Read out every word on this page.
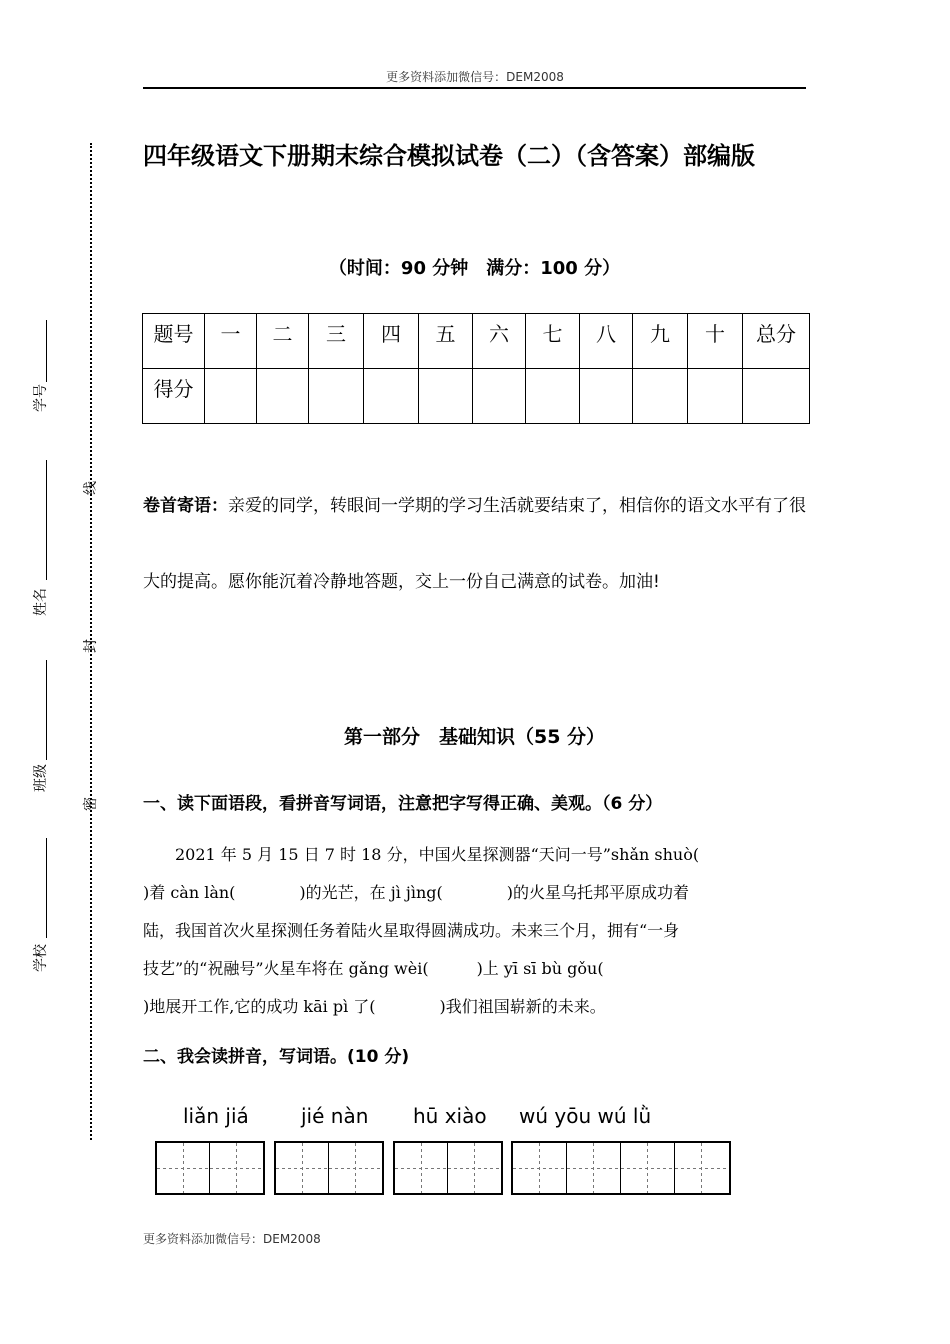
更多资料添加微信号：DEM2008
线
封
密
学号
姓名
班级
学校
四年级语文下册期末综合模拟试卷（二）（含答案）部编版
（时间：90 分钟　满分：100 分）
题号	一	二	三	四	五	六	七	八	九	十	总分
得分											
卷首寄语：亲爱的同学，转眼间一学期的学习生活就要结束了，相信你的语文水平有了很大的提高。愿你能沉着冷静地答题，交上一份自己满意的试卷。加油!
第一部分　基础知识（55 分）
一、读下面语段，看拼音写词语，注意把字写得正确、美观。（6 分）

　　2021 年 5 月 15 日 7 时 18 分，中国火星探测器“天问一号”shǎn shuò(

)着 càn làn(　　　　)的光芒，在 jì jìng(　　　　)的火星乌托邦平原成功着

陆，我国首次火星探测任务着陆火星取得圆满成功。未来三个月，拥有“一身

技艺”的“祝融号”火星车将在 gǎng wèi(　　　)上 yī sī bù gǒu(

)地展开工作,它的成功 kāi pì 了(　　　　)我们祖国崭新的未来。

二、我会读拼音，写词语。(10 分)
liǎn jiá	jié nàn hū xiào wú yōu wú lǜ
更多资料添加微信号：DEM2008
